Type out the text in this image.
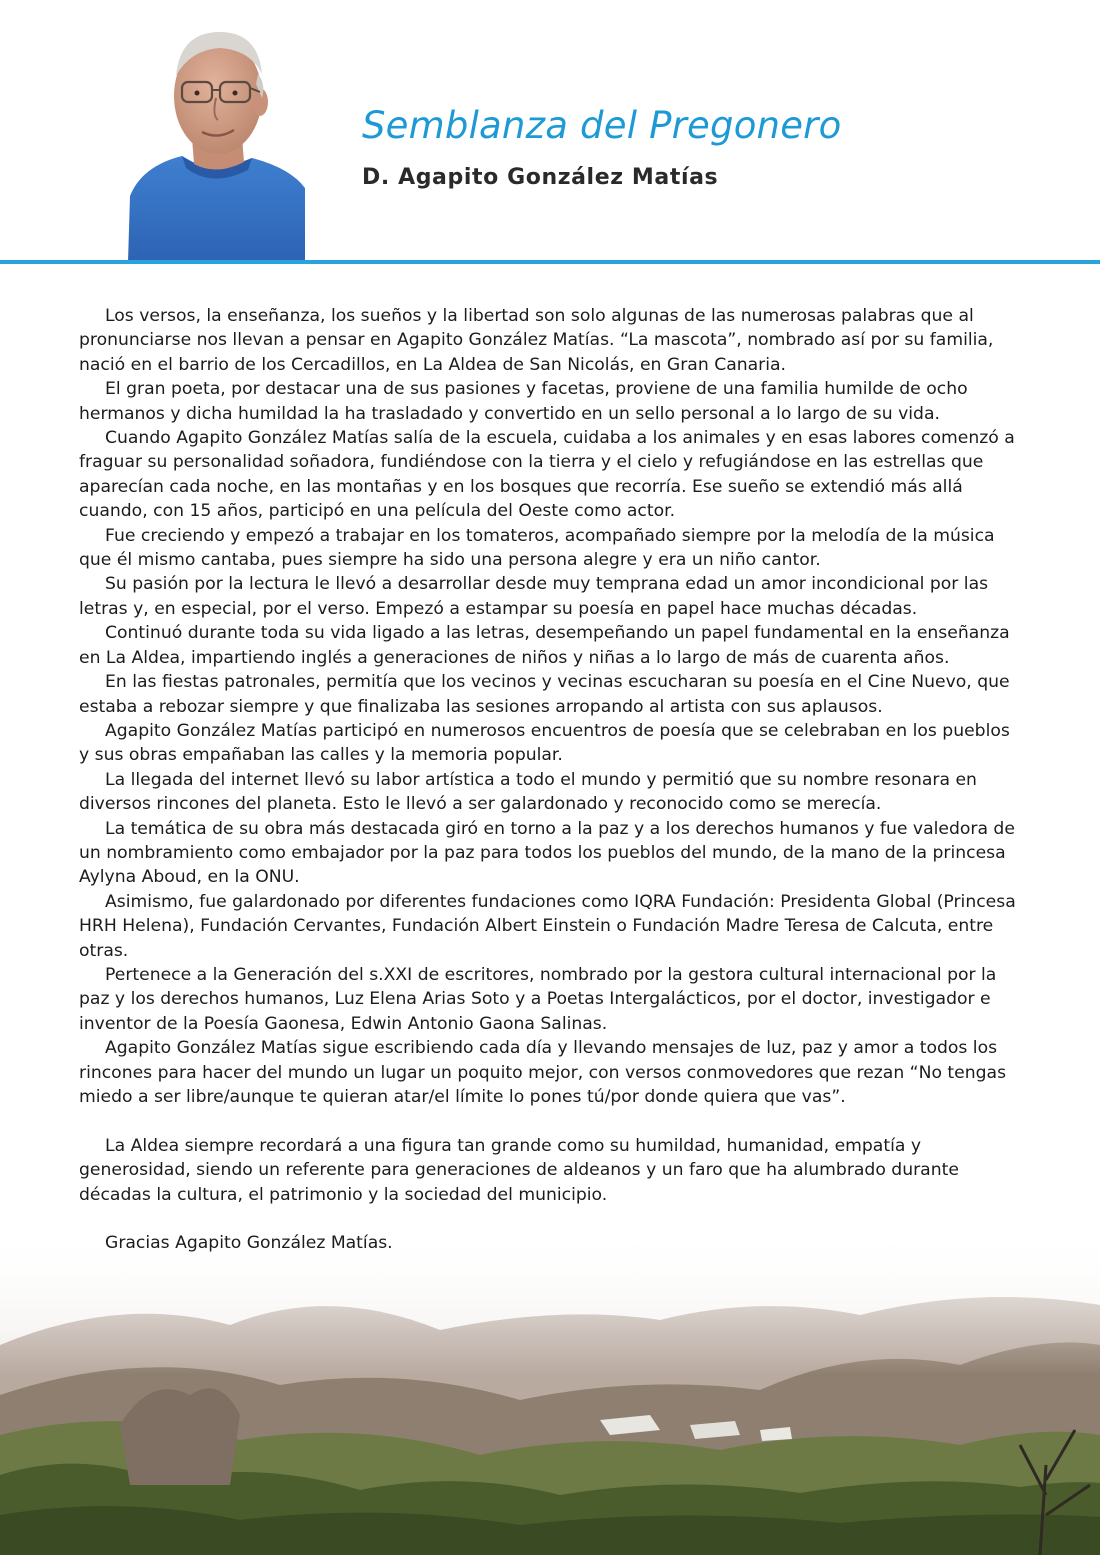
Semblanza del Pregonero
D. Agapito González Matías

Los versos, la enseñanza, los sueños y la libertad son solo algunas de las numerosas palabras que al pronunciarse nos llevan a pensar en Agapito González Matías. “La mascota”, nombrado así por su familia, nació en el barrio de los Cercadillos, en La Aldea de San Nicolás, en Gran Canaria.

El gran poeta, por destacar una de sus pasiones y facetas, proviene de una familia humilde de ocho hermanos y dicha humildad la ha trasladado y convertido en un sello personal a lo largo de su vida.

Cuando Agapito González Matías salía de la escuela, cuidaba a los animales y en esas labores comenzó a fraguar su personalidad soñadora, fundiéndose con la tierra y el cielo y refugiándose en las estrellas que aparecían cada noche, en las montañas y en los bosques que recorría. Ese sueño se extendió más allá cuando, con 15 años, participó en una película del Oeste como actor.

Fue creciendo y empezó a trabajar en los tomateros, acompañado siempre por la melodía de la música que él mismo cantaba, pues siempre ha sido una persona alegre y era un niño cantor.

Su pasión por la lectura le llevó a desarrollar desde muy temprana edad un amor incondicional por las letras y, en especial, por el verso. Empezó a estampar su poesía en papel hace muchas décadas.

Continuó durante toda su vida ligado a las letras, desempeñando un papel fundamental en la enseñanza en La Aldea, impartiendo inglés a generaciones de niños y niñas a lo largo de más de cuarenta años.

En las fiestas patronales, permitía que los vecinos y vecinas escucharan su poesía en el Cine Nuevo, que estaba a rebozar siempre y que finalizaba las sesiones arropando al artista con sus aplausos.

Agapito González Matías participó en numerosos encuentros de poesía que se celebraban en los pueblos y sus obras empañaban las calles y la memoria popular.

La llegada del internet llevó su labor artística a todo el mundo y permitió que su nombre resonara en diversos rincones del planeta. Esto le llevó a ser galardonado y reconocido como se merecía.

La temática de su obra más destacada giró en torno a la paz y a los derechos humanos y fue valedora de un nombramiento como embajador por la paz para todos los pueblos del mundo, de la mano de la princesa Aylyna Aboud, en la ONU.

Asimismo, fue galardonado por diferentes fundaciones como IQRA Fundación: Presidenta Global (Princesa HRH Helena), Fundación Cervantes, Fundación Albert Einstein o Fundación Madre Teresa de Calcuta, entre otras.

Pertenece a la Generación del s.XXI de escritores, nombrado por la gestora cultural internacional por la paz y los derechos humanos, Luz Elena Arias Soto y a Poetas Intergalácticos, por el doctor, investigador e inventor de la Poesía Gaonesa, Edwin Antonio Gaona Salinas.

Agapito González Matías sigue escribiendo cada día y llevando mensajes de luz, paz y amor a todos los rincones para hacer del mundo un lugar un poquito mejor, con versos conmovedores que rezan “No tengas miedo a ser libre/aunque te quieran atar/el límite lo pones tú/por donde quiera que vas”.

La Aldea siempre recordará a una figura tan grande como su humildad, humanidad, empatía y generosidad, siendo un referente para generaciones de aldeanos y un faro que ha alumbrado durante décadas la cultura, el patrimonio y la sociedad del municipio.

Gracias Agapito González Matías.
